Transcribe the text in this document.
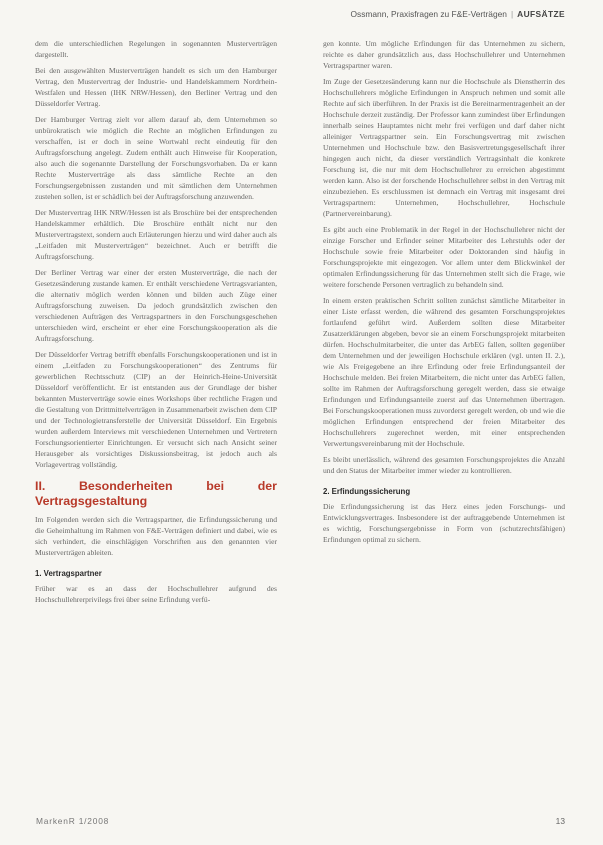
Ossmann, Praxisfragen zu F&E-Verträgen | AUFSÄTZE

dem die unterschiedlichen Regelungen in sogenannten Musterverträgen dargestellt.

Bei den ausgewählten Musterverträgen handelt es sich um den Hamburger Vertrag, den Mustervertrag der Industrie- und Handelskammern Nordrhein-Westfalen und Hessen (IHK NRW/Hessen), den Berliner Vertrag und den Düsseldorfer Vertrag.

Der Hamburger Vertrag zielt vor allem darauf ab, dem Unternehmen so unbürokratisch wie möglich die Rechte an möglichen Erfindungen zu verschaffen, ist er doch in seine Wortwahl recht eindeutig für den Auftragsforschung angelegt. Zudem enthält auch Hinweise für Kooperation, also auch die sogenannte Darstellung der Forschungsvorhaben. Da er kann Rechte Musterverträge als dass sämtliche Rechte an den Forschungsergebnissen zustanden und mit sämtlichen dem Unternehmen zustehen sollen, ist er schädlich bei der Auftragsforschung anzuwenden.

Der Mustervertrag IHK NRW/Hessen ist als Broschüre bei der entsprechenden Handelskammer erhältlich. Die Broschüre enthält nicht nur den Mustervertragstext, sondern auch Erläuterungen hierzu und wird daher auch als „Leitfaden mit Musterverträgen“ bezeichnet. Auch er betrifft die Auftragsforschung.

Der Berliner Vertrag war einer der ersten Musterverträge, die nach der Gesetzesänderung zustande kamen. Er enthält verschiedene Vertragsvarianten, die alternativ möglich werden können und bilden auch Züge einer Auftragsforschung zuweisen. Da jedoch grundsätzlich zwischen den verschiedenen Aufträgen des Vertragspartners in den Forschungsgeschehen unterschieden wird, erscheint er eher eine Forschungskooperation als die Auftragsforschung.

Der Düsseldorfer Vertrag betrifft ebenfalls Forschungskooperationen und ist in einem „Leitfaden zu Forschungskooperationen“ des Zentrums für gewerblichen Rechtsschutz (CIP) an der Heinrich-Heine-Universität Düsseldorf veröffentlicht. Er ist entstanden aus der Grundlage der bisher bekannten Musterverträge sowie eines Workshops über rechtliche Fragen und die Gestaltung von Drittmittelverträgen in Zusammenarbeit zwischen dem CIP und der Technologietransferstelle der Universität Düsseldorf. Ein Ergebnis wurden außerdem Interviews mit verschiedenen Unternehmen und Vertretern Forschungsorientierter Einrichtungen. Er versucht sich nach Ansicht seiner Herausgeber als vorsichtiges Diskussionsbeitrag, ist jedoch auch als Vorlagevertrag vollständig.

II. Besonderheiten bei der Vertragsgestaltung

Im Folgenden werden sich die Vertragspartner, die Erfindungssicherung und die Geheimhaltung im Rahmen von F&E-Verträgen definiert und dabei, wie es sich verhindert, die einschlägigen Vorschriften aus den genannten vier Musterverträgen ableiten.

1. Vertragspartner

Früher war es an dass der Hochschullehrer aufgrund des Hochschullehrerprivilegs frei über seine Erfindung verfü-

gen konnte. Um mögliche Erfindungen für das Unternehmen zu sichern, reichte es daher grundsätzlich aus, dass Hochschullehrer und Unternehmen Vertragspartner waren.

Im Zuge der Gesetzesänderung kann nur die Hochschule als Dienstherrin des Hochschullehrers mögliche Erfindungen in Anspruch nehmen und somit alle Rechte auf sich überführen. In der Praxis ist die Bereitnarmentragenheit an der Hochschule derzeit zuständig. Der Professor kann zumindest über Erfindungen innerhalb seines Hauptamtes nicht mehr frei verfügen und darf daher nicht alleiniger Vertragspartner sein. Ein Forschungsvertrag mit zwischen Unternehmen und Hochschule bzw. den Basisvertretungsgesellschaft ihrer hingegen auch nicht, da dieser verständlich Vertragsinhalt die konkrete Forschung ist, die nur mit dem Hochschullehrer zu erreichen abgestimmt werden kann. Also ist der forschende Hochschullehrer selbst in den Vertrag mit einzubeziehen. Es erschlussmen ist demnach ein Vertrag mit insgesamt drei Vertragspartnern: Unternehmen, Hochschullehrer, Hochschule (Partnervereinbarung).

Es gibt auch eine Problematik in der Regel in der Hochschullehrer nicht der einzige Forscher und Erfinder seiner Mitarbeiter des Lehrstuhls oder der Hochschule sowie freie Mitarbeiter oder Doktoranden sind häufig in Forschungsprojekte mit eingezogen. Vor allem unter dem Blickwinkel der optimalen Erfindungssicherung für das Unternehmen stellt sich die Frage, wie weitere forschende Personen vertraglich zu behandeln sind.

In einem ersten praktischen Schritt sollten zunächst sämtliche Mitarbeiter in einer Liste erfasst werden, die während des gesamten Forschungsprojektes fortlaufend geführt wird. Außerdem sollten diese Mitarbeiter Zusatzerklärungen abgeben, bevor sie an einem Forschungsprojekt mitarbeiten dürfen. Hochschulmitarbeiter, die unter das ArbEG fallen, sollten gegenüber dem Unternehmen und der jeweiligen Hochschule erklären (vgl. unten II. 2.), wie Als Freigegebene an ihre Erfindung oder freie Erfindungsanteil der Hochschule melden. Bei freien Mitarbeitern, die nicht unter das ArbEG fallen, sollte im Rahmen der Auftragsforschung geregelt werden, dass sie etwaige Erfindungen und Erfindungsanteile zuerst auf das Unternehmen übertragen. Bei Forschungskooperationen muss zuvorderst geregelt werden, ob und wie die möglichen Erfindungen entsprechend der freien Mitarbeiter des Hochschullehrers zugerechnet werden, mit einer entsprechenden Verwertungsvereinbarung mit der Hochschule.

Es bleibt unerlässlich, während des gesamten Forschungsprojektes die Anzahl und den Status der Mitarbeiter immer wieder zu kontrollieren.

2. Erfindungssicherung

Die Erfindungssicherung ist das Herz eines jeden Forschungs- und Entwicklungsvertrages. Insbesondere ist der auftraggebende Unternehmen ist es wichtig, Forschungsergebnisse in Form von (schutzrechtsfähigen) Erfindungen optimal zu sichern.

MarkenR 1/2008	13
